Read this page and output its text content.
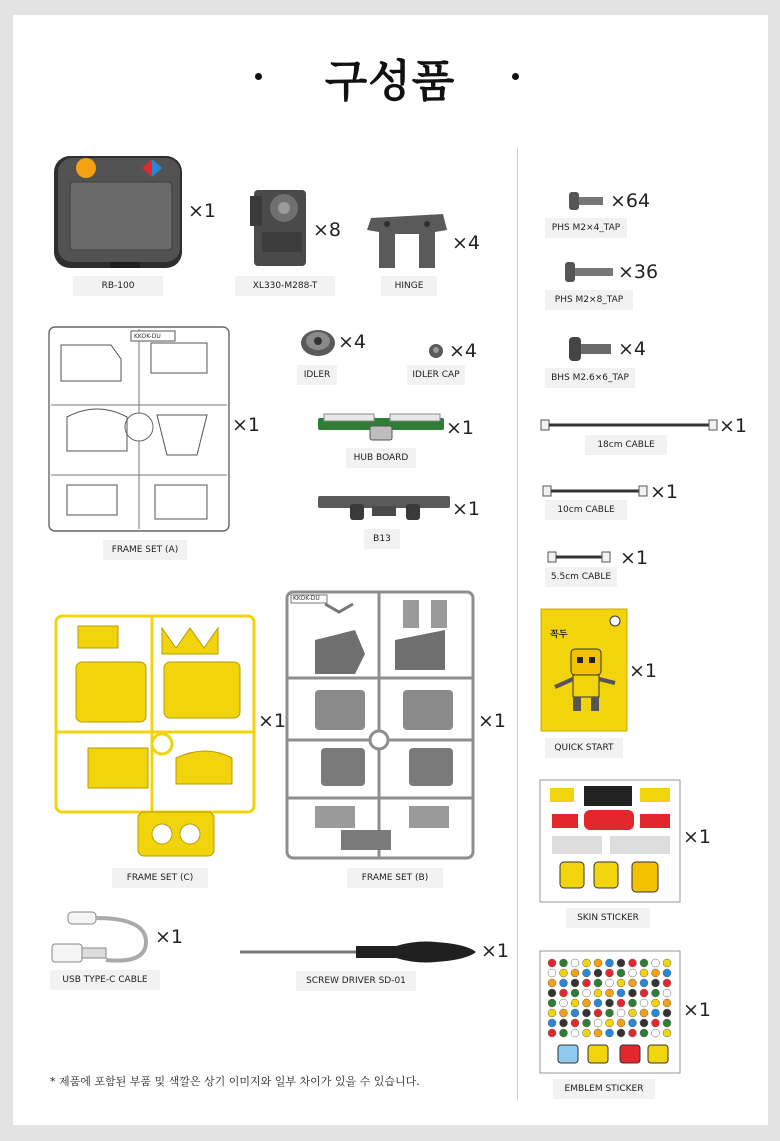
구성품
×1
RB-100
×8
XL330-M288-T
×4
HINGE
KKOK-DU
×1
FRAME SET (A)
×4
IDLER
×4
IDLER CAP
×1
HUB BOARD
×1
B13
×1
FRAME SET (C)
KKOK-DU
×1
FRAME SET (B)
×1
USB TYPE-C CABLE
×1
SCREW DRIVER SD-01
×64
PHS M2×4_TAP
×36
PHS M2×8_TAP
×4
BHS M2.6×6_TAP
×1
18cm CABLE
×1
10cm CABLE
×1
5.5cm CABLE
꼭두
×1
QUICK START
×1
SKIN STICKER
×1
EMBLEM STICKER
* 제품에 포함된 부품 및 색깔은 상기 이미지와 일부 차이가 있을 수 있습니다.
